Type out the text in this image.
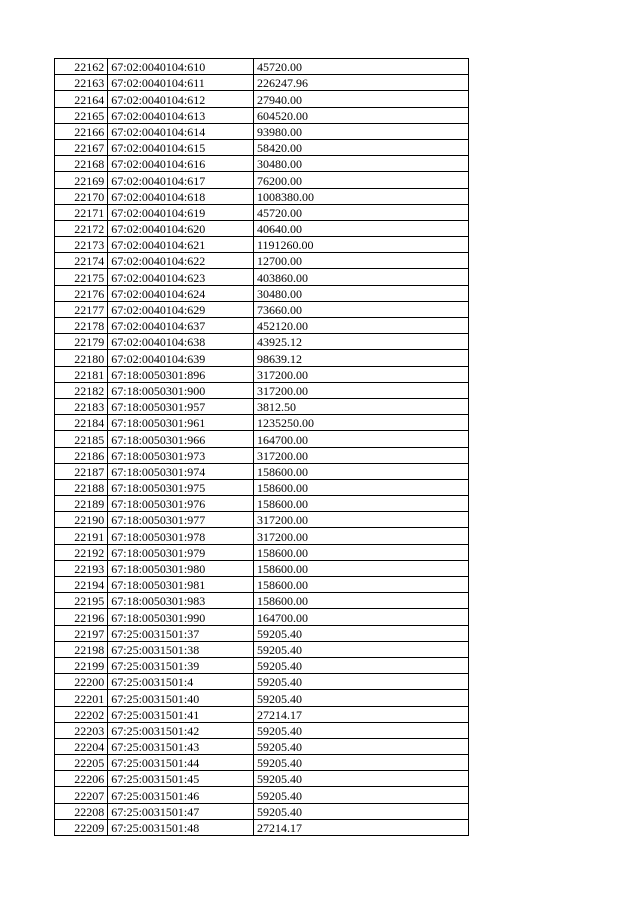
22162	67:02:0040104:610	45720.00
22163	67:02:0040104:611	226247.96
22164	67:02:0040104:612	27940.00
22165	67:02:0040104:613	604520.00
22166	67:02:0040104:614	93980.00
22167	67:02:0040104:615	58420.00
22168	67:02:0040104:616	30480.00
22169	67:02:0040104:617	76200.00
22170	67:02:0040104:618	1008380.00
22171	67:02:0040104:619	45720.00
22172	67:02:0040104:620	40640.00
22173	67:02:0040104:621	1191260.00
22174	67:02:0040104:622	12700.00
22175	67:02:0040104:623	403860.00
22176	67:02:0040104:624	30480.00
22177	67:02:0040104:629	73660.00
22178	67:02:0040104:637	452120.00
22179	67:02:0040104:638	43925.12
22180	67:02:0040104:639	98639.12
22181	67:18:0050301:896	317200.00
22182	67:18:0050301:900	317200.00
22183	67:18:0050301:957	3812.50
22184	67:18:0050301:961	1235250.00
22185	67:18:0050301:966	164700.00
22186	67:18:0050301:973	317200.00
22187	67:18:0050301:974	158600.00
22188	67:18:0050301:975	158600.00
22189	67:18:0050301:976	158600.00
22190	67:18:0050301:977	317200.00
22191	67:18:0050301:978	317200.00
22192	67:18:0050301:979	158600.00
22193	67:18:0050301:980	158600.00
22194	67:18:0050301:981	158600.00
22195	67:18:0050301:983	158600.00
22196	67:18:0050301:990	164700.00
22197	67:25:0031501:37	59205.40
22198	67:25:0031501:38	59205.40
22199	67:25:0031501:39	59205.40
22200	67:25:0031501:4	59205.40
22201	67:25:0031501:40	59205.40
22202	67:25:0031501:41	27214.17
22203	67:25:0031501:42	59205.40
22204	67:25:0031501:43	59205.40
22205	67:25:0031501:44	59205.40
22206	67:25:0031501:45	59205.40
22207	67:25:0031501:46	59205.40
22208	67:25:0031501:47	59205.40
22209	67:25:0031501:48	27214.17
